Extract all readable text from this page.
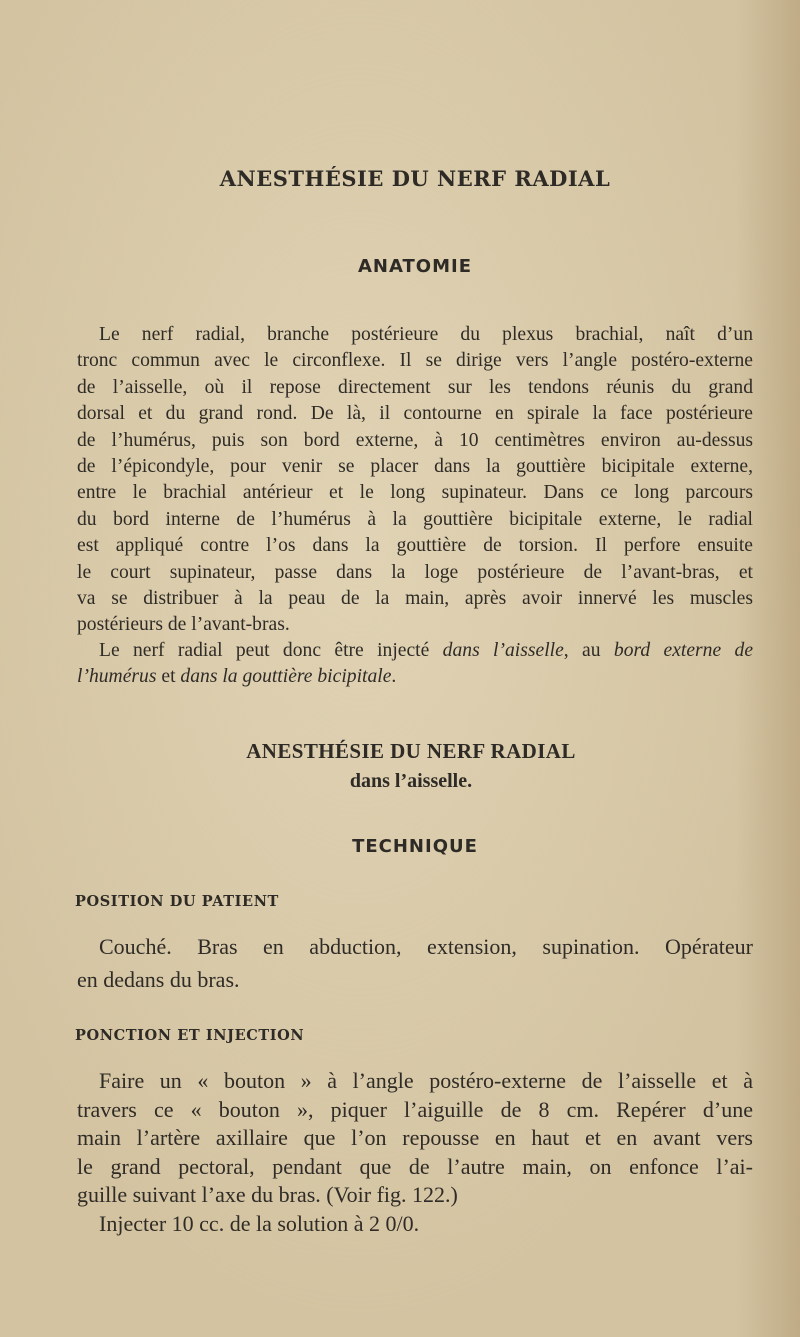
ANESTHÉSIE DU NERF RADIAL
ANATOMIE
Le nerf radial, branche postérieure du plexus brachial, naît d’un
tronc commun avec le circonflexe. Il se dirige vers l’angle postéro-externe
de l’aisselle, où il repose directement sur les tendons réunis du grand
dorsal et du grand rond. De là, il contourne en spirale la face postérieure
de l’humérus, puis son bord externe, à 10 centimètres environ au-dessus
de l’épicondyle, pour venir se placer dans la gouttière bicipitale externe,
entre le brachial antérieur et le long supinateur. Dans ce long parcours
du bord interne de l’humérus à la gouttière bicipitale externe, le radial
est appliqué contre l’os dans la gouttière de torsion. Il perfore ensuite
le court supinateur, passe dans la loge postérieure de l’avant-bras, et
va se distribuer à la peau de la main, après avoir innervé les muscles
postérieurs de l’avant-bras.
Le nerf radial peut donc être injecté dans l’aisselle, au bord externe de
l’humérus et dans la gouttière bicipitale.
ANESTHÉSIE DU NERF RADIAL
dans l’aisselle.
TECHNIQUE
POSITION DU PATIENT
Couché. Bras en abduction, extension, supination. Opérateur
en dedans du bras.
PONCTION ET INJECTION
Faire un « bouton » à l’angle postéro-externe de l’aisselle et à
travers ce « bouton », piquer l’aiguille de 8 cm. Repérer d’une
main l’artère axillaire que l’on repousse en haut et en avant vers
le grand pectoral, pendant que de l’autre main, on enfonce l’ai-
guille suivant l’axe du bras. (Voir fig. 122.)
Injecter 10 cc. de la solution à 2 0/0.
